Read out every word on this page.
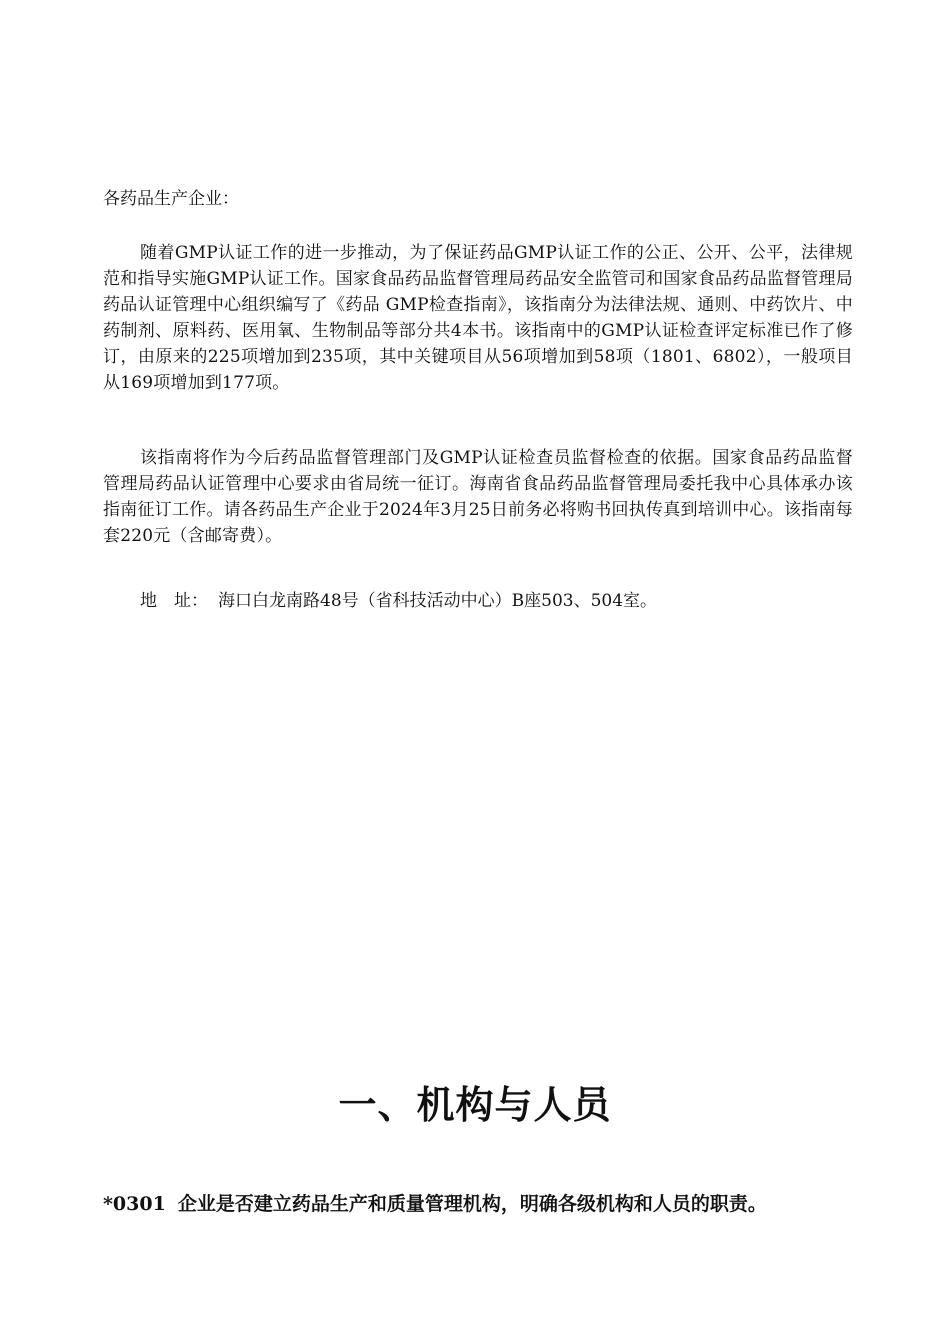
各药品生产企业：

随着GMP认证工作的进一步推动，为了保证药品GMP认证工作的公正、公开、公平，法律规范和指导实施GMP认证工作。国家食品药品监督管理局药品安全监管司和国家食品药品监督管理局药品认证管理中心组织编写了《药品 GMP检查指南》，该指南分为法律法规、通则、中药饮片、中药制剂、原料药、医用氧、生物制品等部分共4本书。该指南中的GMP认证检查评定标准已作了修订，由原来的225项增加到235项，其中关键项目从56项增加到58项（1801、6802），一般项目从169项增加到177项。

该指南将作为今后药品监督管理部门及GMP认证检查员监督检查的依据。国家食品药品监督管理局药品认证管理中心要求由省局统一征订。海南省食品药品监督管理局委托我中心具体承办该指南征订工作。请各药品生产企业于2024年3月25日前务必将购书回执传真到培训中心。该指南每套220元（含邮寄费）。

地　址： 海口白龙南路48号（省科技活动中心）B座503、504室。

一、机构与人员

*0301 企业是否建立药品生产和质量管理机构，明确各级机构和人员的职责。
